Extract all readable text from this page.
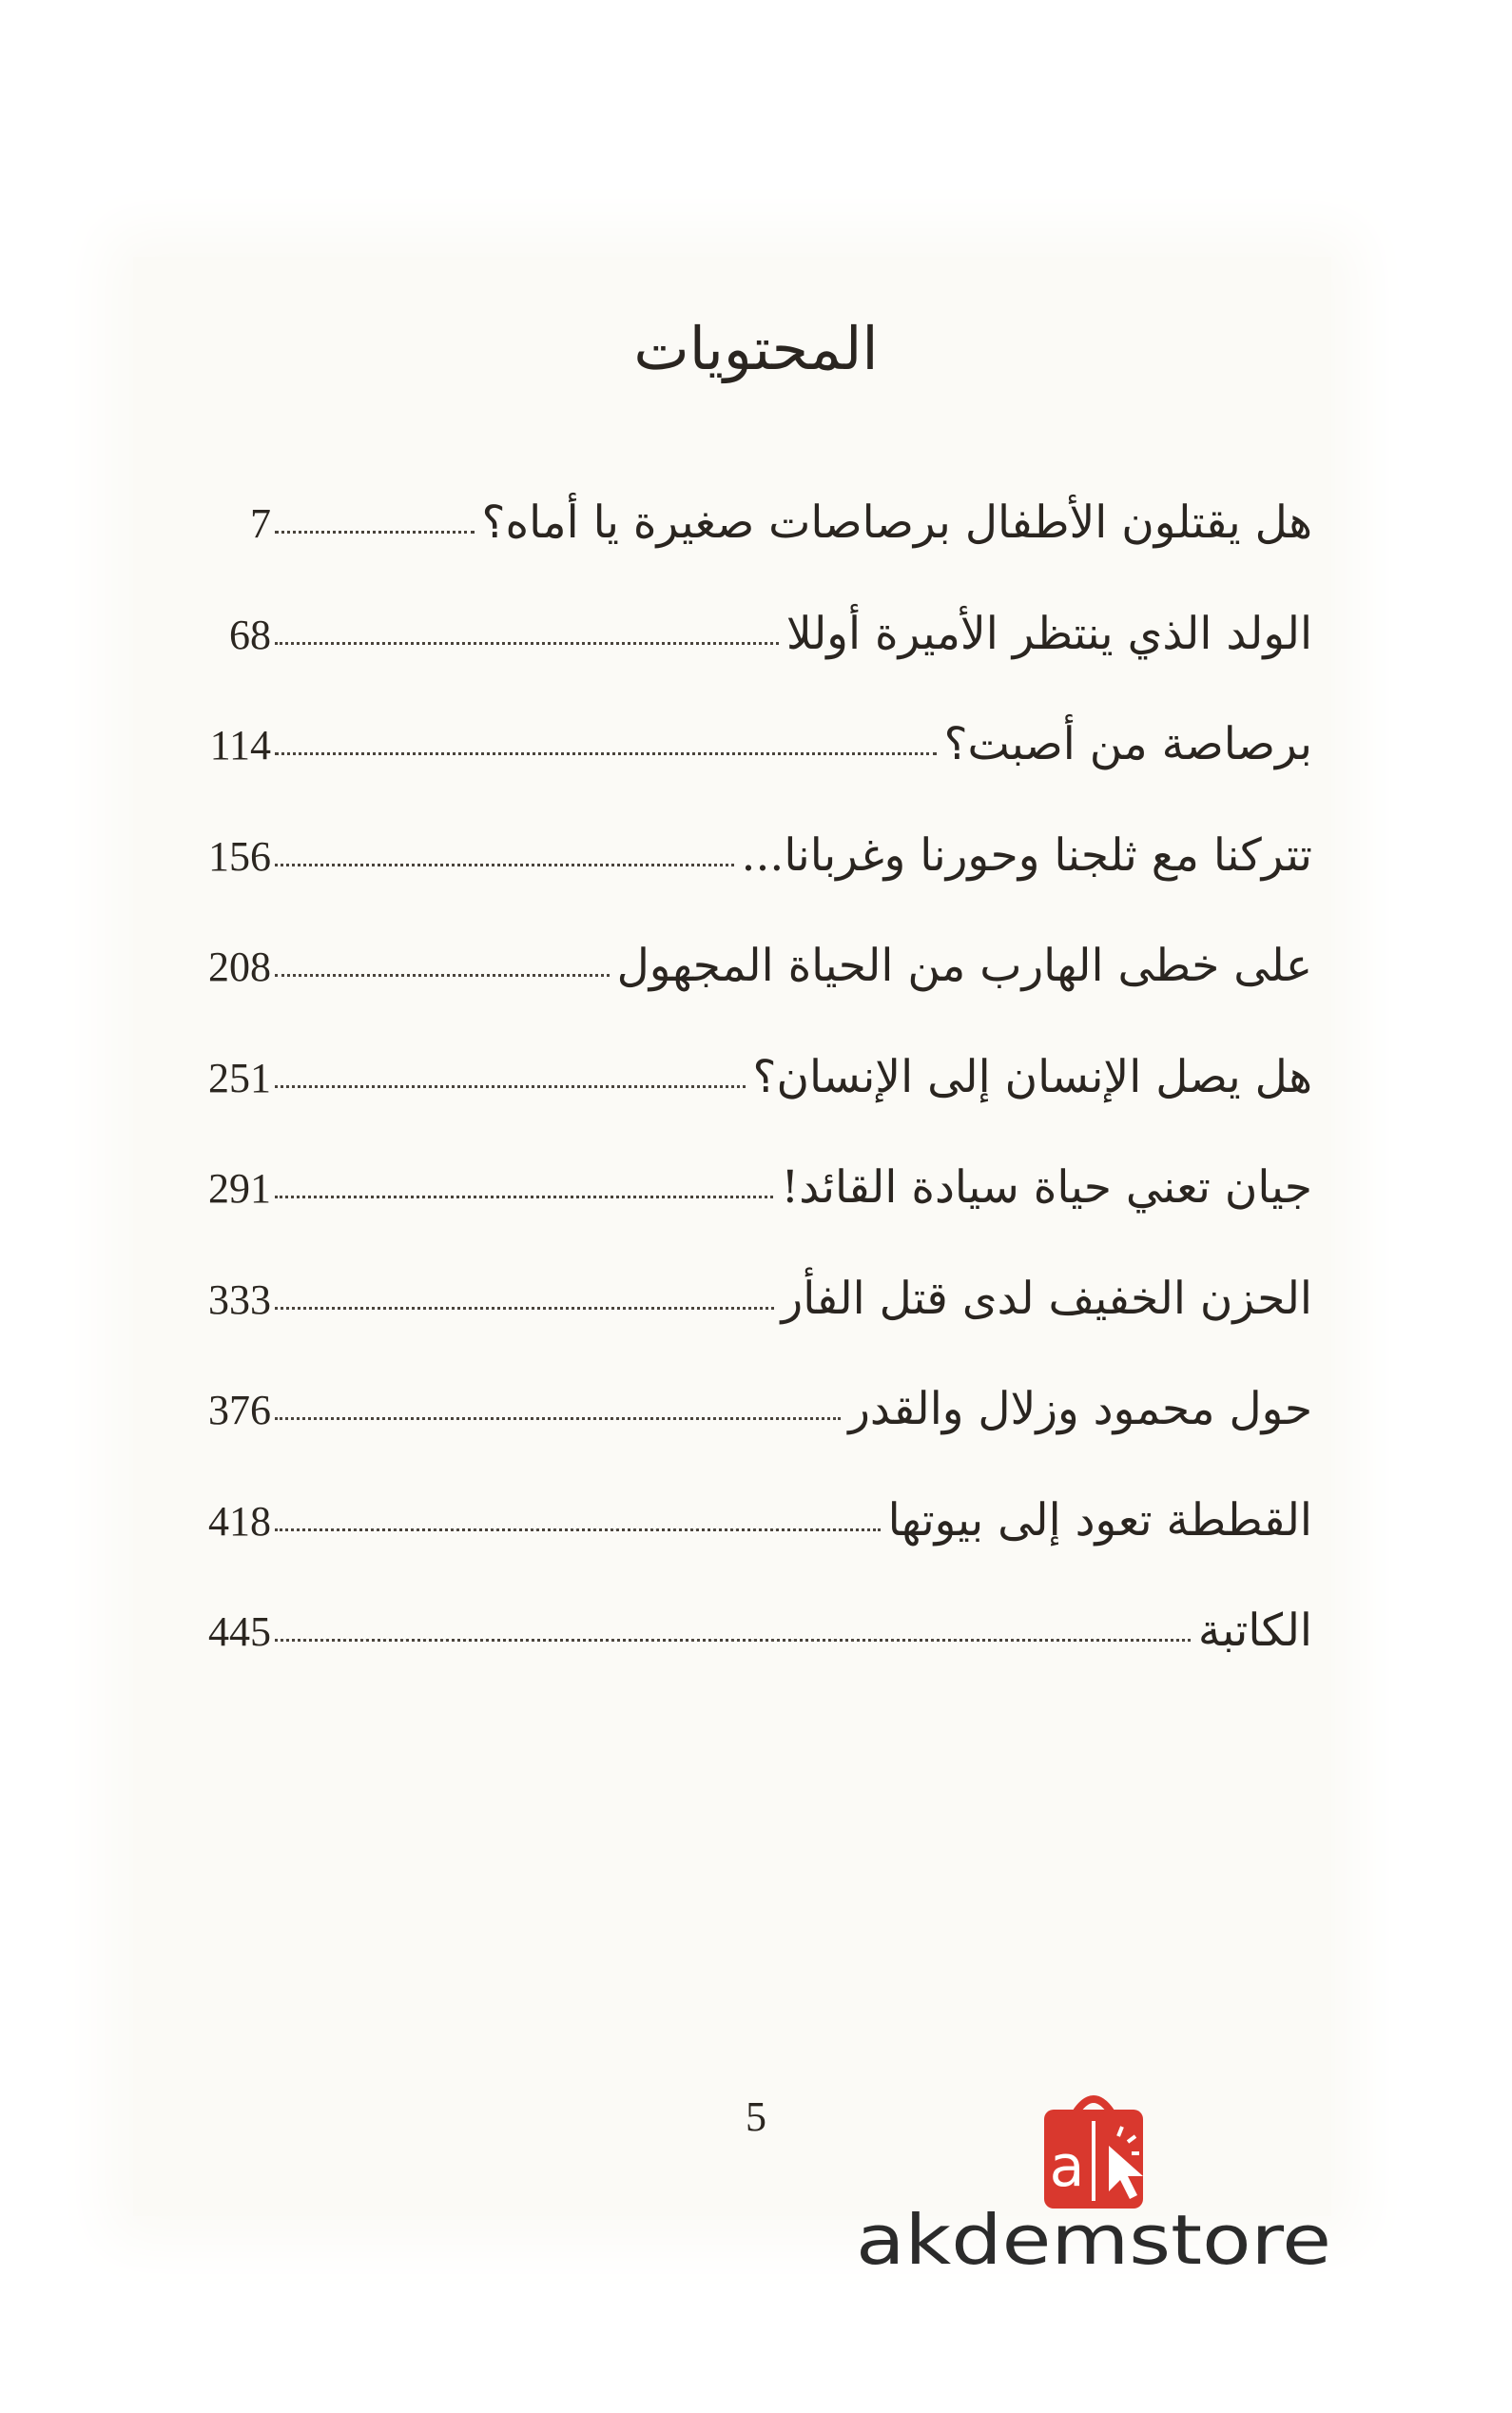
المحتويات
7	هل يقتلون الأطفال برصاصات صغيرة يا أماه؟
68	الولد الذي ينتظر الأميرة أوللا
114	برصاصة من أصبت؟
156	تتركنا مع ثلجنا وحورنا وغربانا...
208	على خطى الهارب من الحياة المجهول
251	هل يصل الإنسان إلى الإنسان؟
291	جيان تعني حياة سيادة القائد!
333	الحزن الخفيف لدى قتل الفأر
376	حول محمود وزلال والقدر
418	القططة تعود إلى بيوتها
445	الكاتبة
5
a
akdemstore
